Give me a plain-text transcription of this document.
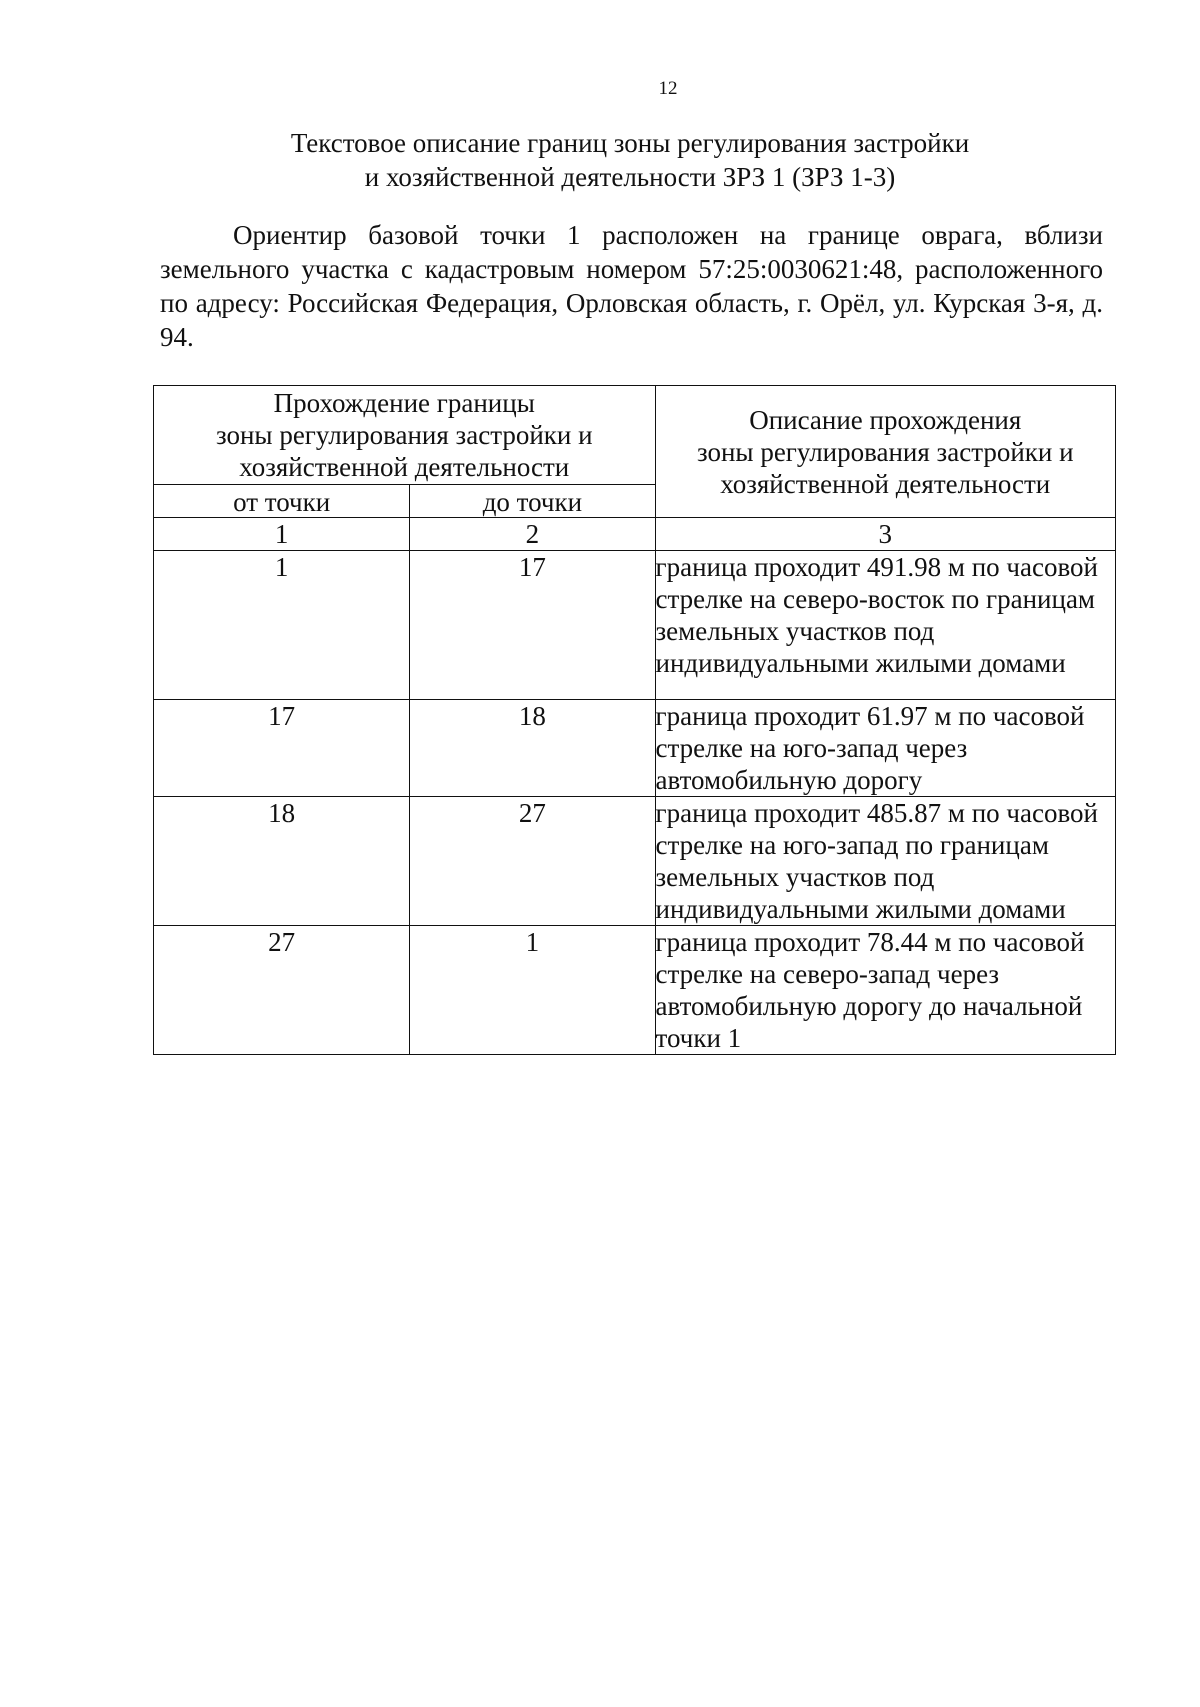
12
Текстовое описание границ зоны регулирования застройки
и хозяйственной деятельности ЗРЗ 1 (ЗРЗ 1-3)

Ориентир базовой точки 1 расположен на границе оврага, вблизи земельного участка с кадастровым номером 57:25:0030621:48, расположенного по адресу: Российская Федерация, Орловская область, г. Орёл, ул. Курская 3-я, д. 94.

Прохождение границы
зоны регулирования застройки и
хозяйственной деятельности		Описание прохождения
зоны регулирования застройки и
хозяйственной деятельности

от точки	до точки	
1	2	3
1	17	граница проходит 491.98 м по часовой стрелке на северо-восток по границам земельных участков под индивидуальными жилыми домами
17	18	граница проходит 61.97 м по часовой стрелке на юго-запад через автомобильную дорогу
18	27	граница проходит 485.87 м по часовой стрелке на юго-запад по границам земельных участков под индивидуальными жилыми домами
27	1	граница проходит 78.44 м по часовой стрелке на северо-запад через автомобильную дорогу до начальной точки 1
